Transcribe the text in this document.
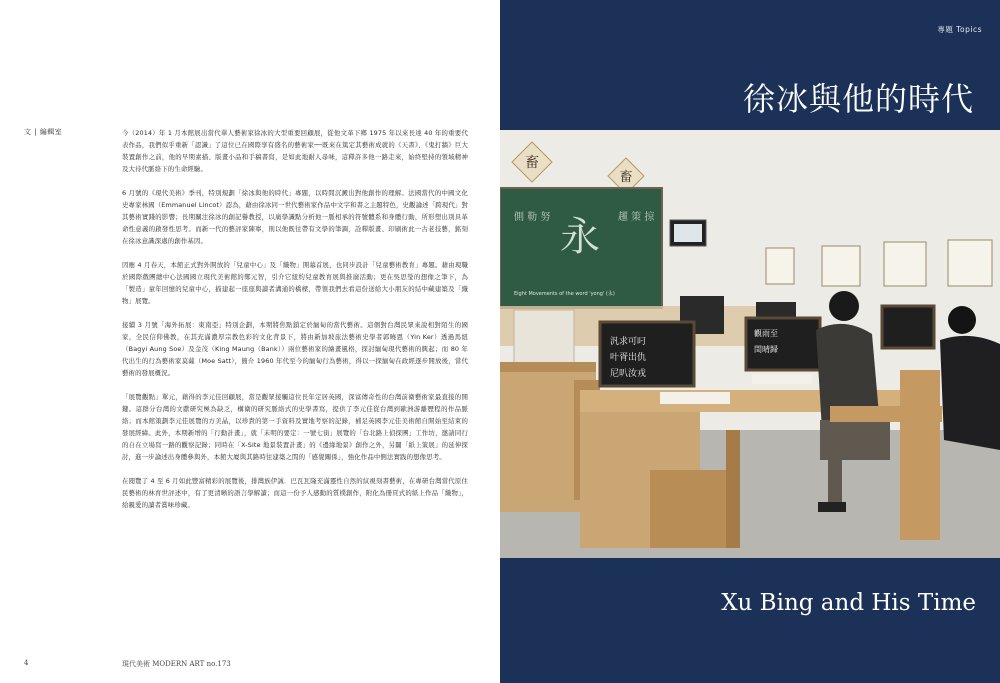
文 | 編輯室	今（2014）年 1 月本館展出當代華人藝術家徐冰的大型重要回顧展，從他文革下鄉 1975 年以來長達 40 年的重要代表作品，我們似乎重新「認識」了這位已在國際享有盛名的藝術家──既來在篤定其藝術成就的《天書》、《鬼打牆》巨大裝置創作之前，他的早期素描、版畫小品和手稿書寫，是如此地耐人尋味，這釋許多他一路走來，始終堅持的領域精神及大待代脈絡下的生命經驗。

6 月號的《現代美術》季刊，特別規劃「徐冰與他的時代」專題，以時間沉澱出對他創作的理解。法國當代的中國文化史專家林國（Emmanuel Lincot）認為，藉由徐冰同一世代藝術家作品中文字和書之主題特色，史觀論述「跨現代」對其藝術實踐的影響；長期關注徐冰的創記譽教授，以廣學識點分析他一脈相承的符號體系和身體行動，所形塑出別具革命性意義的啟發性思考。而新一代的藝評家陳寧，則以他既往帶有文學的筆調，詮釋版畫、印刷術此一古老技藝，銘刻在徐冰意識深處的創作基因。

因應 4 月春天，本館正式對外開放的「兒童中心」及「織物」開幕首展，也同步設計「兒童藝術教育」專題。藉由現職於國際戲團總中心法國國立現代美術館的鄭元智，引介它紐約兒童教育展與推廣活動；更在吳思瑩的想像之筆下，為「製造」童年回憶的兒童中心，描建起一座座與讀者溝通的橋樑，帶領我們去看這份送給大小朋友的結中藏建築及「織物」展覽。

接續 3 月號「海外拓展：東南亞」特別企劃，本期將焦點鎖定於緬甸的當代藝術。這個對台灣民眾來說相對陌生的國家，全民信仰佛教，在其充滿濃厚宗教色彩的文化背景下，將由新加坡旅法藝術史學者郭曉恩（Yin Ker）透過馬紐（Bagyi Aung Soe）及金茂（King Maung（Bank））兩位藝術家的繪畫風格，探討緬甸現代藝術的興起；而 80 年代出生的行為藝術家莫薩（Moe Satt），簡介 1960 年代至今的緬甸行為藝術，得以一探緬甸在政經逐步開放後，當代藝術的發展概況。

「展覽觀點」單元，藉得的李元佳回顧展，當是觀眾接觸這位長年定居英國，深富傳奇性的台灣前衛藝術家最直接的開鍵。這群分台灣的文獻研究極為缺乏，構衛的研究脈絡式的史學書寫，提供了李元佳從台灣到歐洲游離歷程的作品脈絡；而本館策劃李元佳展覽的方美晶，以珍貴的第一手資料及實地考察的記錄，補足英國李元佳美術館自開始至結束的發展經緯。此外，本期新增的「行動計畫」，就「未明的要定：一號七街」展覽的「台北路上偵探團」工作坊，邀請同行的自在立場寫一路的觀察記錄；同時在「X-Site 地景裝置計畫」的《邊緣地景》創作之外，另闢「紙上策展」的延伸探討，進一步論述出身體參與外，本館大廈與其路時往建築之間的「感覺關係」，強化作品中側法實践的想像思考。

在閱覽了 4 至 6 月如此豐富精彩的展覽後，排灣族伊誠．巴瓦瓦隆充滿靈性自然的紋視刻書藝術，在專研台灣當代原住民藝術的林育世評述中，有了更清晰的語言學解讀；而這一份予人感動的質樸創作，附化為冊頁式的紙上作品「織物」，給親愛的讀者賞味珍藏。

4	現代美術 MODERN ART no.173
專題 Topics
徐冰與他的時代
Xu Bing and His Time
畜
畜
永
側 勒 努	趯 策 掠
Eight Movements of the word 'yong' (永)
汎求可叼
叶胥出仇
尼叭汝戎
觀雨至
閏晴歸
